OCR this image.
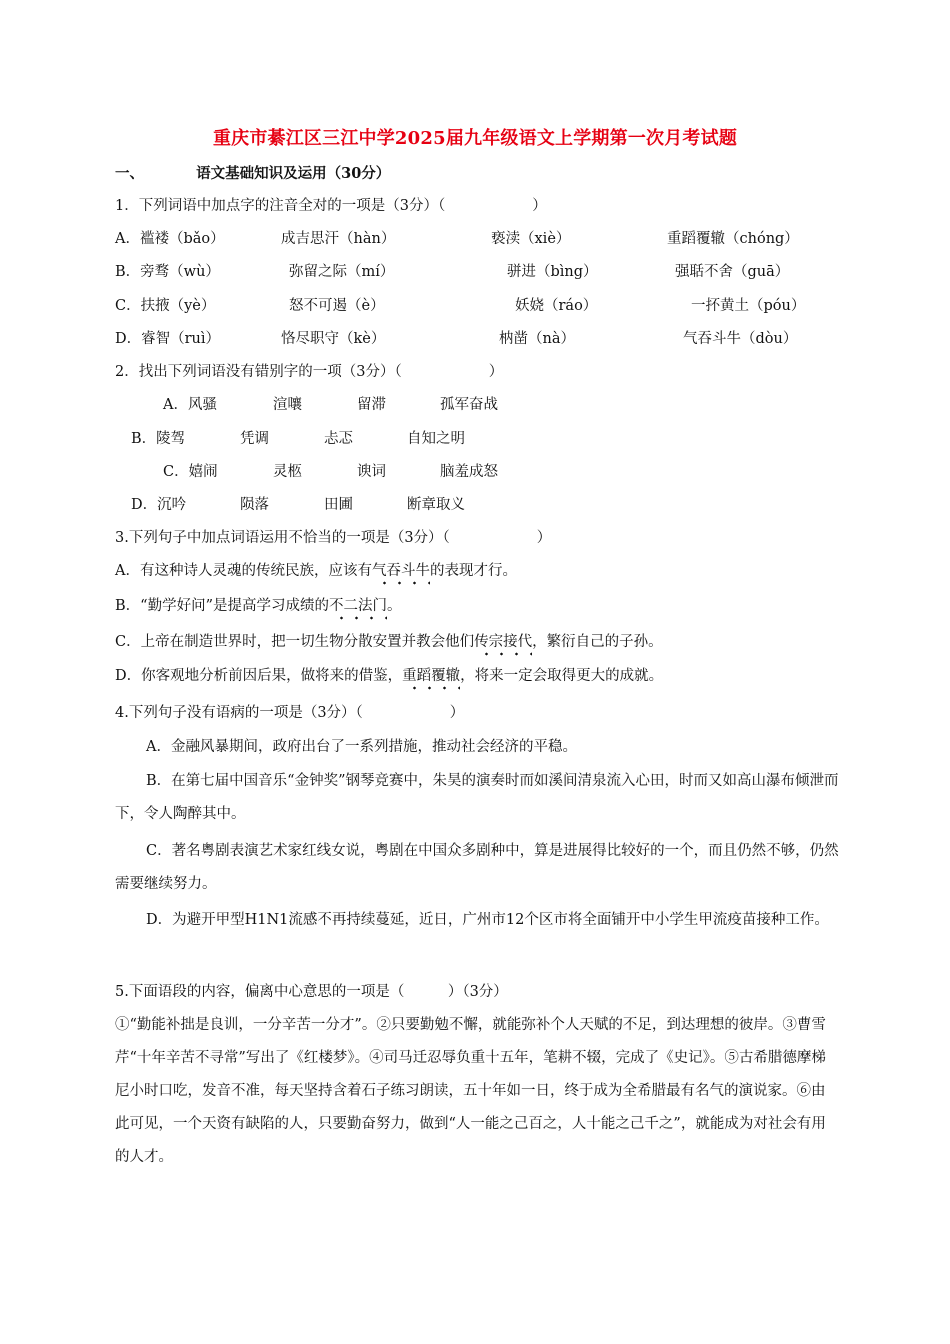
重庆市綦江区三江中学2025届九年级语文上学期第一次月考试题
一、	语文基础知识及运用（30分）
1．下列词语中加点字的注音全对的一项是（3分）（　　　　　　）
A．褴褛（bǎo）	成吉思汗（hàn）	亵渎（xiè）	重蹈覆辙（chóng）
B．旁骛（wù）	弥留之际（mí）	骈进（bìng）	强聒不舍（guā）
C．扶掖（yè）	怒不可遏（è）	妖娆（ráo）	一抔黄土（póu）
D．睿智（ruì）	恪尽职守（kè）	枘凿（nà）	气吞斗牛（dòu）
2．找出下列词语没有错别字的一项（3分）（　　　　　　）
A．风骚	渲嚷	留滞	孤军奋战
B．陵驾	凭调	忐忑	自知之明
C．嬉闹	灵柩	谀词	脑羞成怒
D．沉吟	陨落	田圃	断章取义
3.下列句子中加点词语运用不恰当的一项是（3分）（　　　　　　）
A．有这种诗人灵魂的传统民族，应该有气吞斗牛的表现才行。
B．“勤学好问”是提高学习成绩的不二法门。
C．上帝在制造世界时，把一切生物分散安置并教会他们传宗接代，繁衍自己的子孙。
D．你客观地分析前因后果，做将来的借鉴，重蹈覆辙，将来一定会取得更大的成就。
4.下列句子没有语病的一项是（3分）（　　　　　　）
A．金融风暴期间，政府出台了一系列措施，推动社会经济的平稳。
B．在第七届中国音乐“金钟奖”钢琴竞赛中，朱昊的演奏时而如溪间清泉流入心田，时而又如高山瀑布倾泄而下，令人陶醉其中。
C．著名粤剧表演艺术家红线女说，粤剧在中国众多剧种中，算是进展得比较好的一个，而且仍然不够，仍然需要继续努力。
D．为避开甲型H1N1流感不再持续蔓延，近日，广州市12个区市将全面铺开中小学生甲流疫苗接种工作。
5.下面语段的内容，偏离中心意思的一项是（　　　）（3分）
①“勤能补拙是良训，一分辛苦一分才”。②只要勤勉不懈，就能弥补个人天赋的不足，到达理想的彼岸。③曹雪芹“十年辛苦不寻常”写出了《红楼梦》。④司马迁忍辱负重十五年，笔耕不辍，完成了《史记》。⑤古希腊德摩梯尼小时口吃，发音不准，每天坚持含着石子练习朗读，五十年如一日，终于成为全希腊最有名气的演说家。⑥由此可见，一个天资有缺陷的人，只要勤奋努力，做到“人一能之己百之，人十能之己千之”，就能成为对社会有用的人才。
